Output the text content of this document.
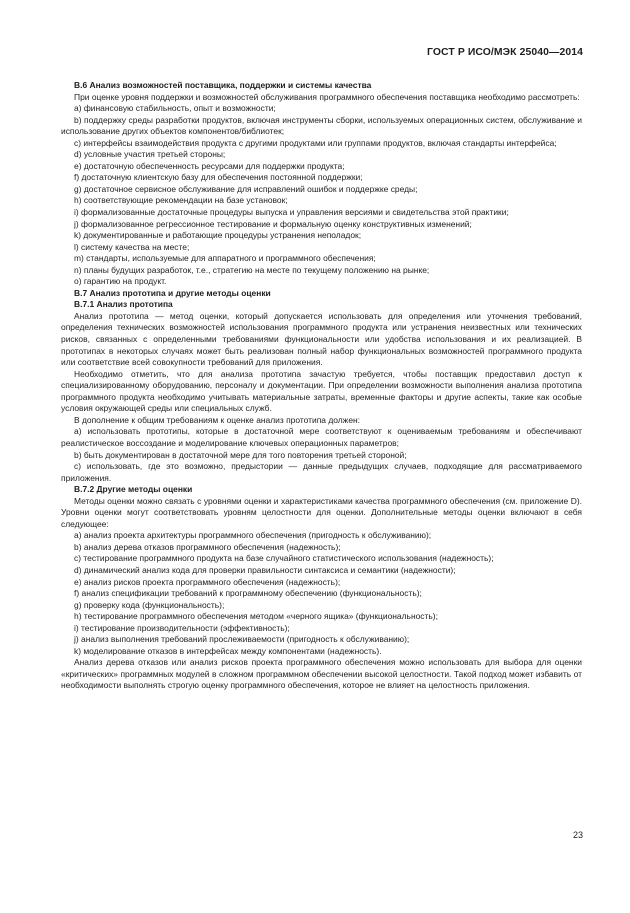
ГОСТ Р ИСО/МЭК 25040—2014
В.6 Анализ возможностей поставщика, поддержки и системы качества
При оценке уровня поддержки и возможностей обслуживания программного обеспечения поставщика необходимо рассмотреть:
a) финансовую стабильность, опыт и возможности;
b) поддержку среды разработки продуктов, включая инструменты сборки, используемых операционных систем, обслуживание и использование других объектов компонентов/библиотек;
c) интерфейсы взаимодействия продукта с другими продуктами или группами продуктов, включая стандарты интерфейса;
d) условные участия третьей стороны;
e) достаточную обеспеченность ресурсами для поддержки продукта;
f) достаточную клиентскую базу для обеспечения постоянной поддержки;
g) достаточное сервисное обслуживание для исправлений ошибок и поддержке среды;
h) соответствующие рекомендации на базе установок;
i) формализованные достаточные процедуры выпуска и управления версиями и свидетельства этой практики;
j) формализованное регрессионное тестирование и формальную оценку конструктивных изменений;
k) документированные и работающие процедуры устранения неполадок;
l) систему качества на месте;
m) стандарты, используемые для аппаратного и программного обеспечения;
n) планы будущих разработок, т.е., стратегию на месте по текущему положению на рынке;
o) гарантию на продукт.
В.7 Анализ прототипа и другие методы оценки
В.7.1 Анализ прототипа
Анализ прототипа — метод оценки, который допускается использовать для определения или уточнения требований, определения технических возможностей использования программного продукта или устранения неизвестных или технических рисков, связанных с определенными требованиями функциональности или удобства использования и их реализацией. В прототипах в некоторых случаях может быть реализован полный набор функциональных возможностей программного продукта или соответствие всей совокупности требований для приложения.
Необходимо отметить, что для анализа прототипа зачастую требуется, чтобы поставщик предоставил доступ к специализированному оборудованию, персоналу и документации. При определении возможности выполнения анализа прототипа программного продукта необходимо учитывать материальные затраты, временные факторы и другие аспекты, такие как особые условия окружающей среды или специальных служб.
В дополнение к общим требованиям к оценке анализ прототипа должен:
а) использовать прототипы, которые в достаточной мере соответствуют к оцениваемым требованиям и обеспечивают реалистическое воссоздание и моделирование ключевых операционных параметров;
b) быть документирован в достаточной мере для того повторения третьей стороной;
c) использовать, где это возможно, предыстории — данные предыдущих случаев, подходящие для рассматриваемого приложения.
В.7.2 Другие методы оценки
Методы оценки можно связать с уровнями оценки и характеристиками качества программного обеспечения (см. приложение D). Уровни оценки могут соответствовать уровням целостности для оценки. Дополнительные методы оценки включают в себя следующее:
а) анализ проекта архитектуры программного обеспечения (пригодность к обслуживанию);
b) анализ дерева отказов программного обеспечения (надежность);
c) тестирование программного продукта на базе случайного статистического использования (надежность);
d) динамический анализ кода для проверки правильности синтаксиса и семантики (надежности);
e) анализ рисков проекта программного обеспечения (надежность);
f) анализ спецификации требований к программному обеспечению (функциональность);
g) проверку кода (функциональность);
h) тестирование программного обеспечения методом «черного ящика» (функциональность);
i) тестирование производительности (эффективность);
j) анализ выполнения требований прослеживаемости (пригодность к обслуживанию);
k) моделирование отказов в интерфейсах между компонентами (надежность).
Анализ дерева отказов или анализ рисков проекта программного обеспечения можно использовать для выбора для оценки «критических» программных модулей в сложном программном обеспечении высокой целостности. Такой подход может избавить от необходимости выполнять строгую оценку программного обеспечения, которое не влияет на целостность приложения.
23
